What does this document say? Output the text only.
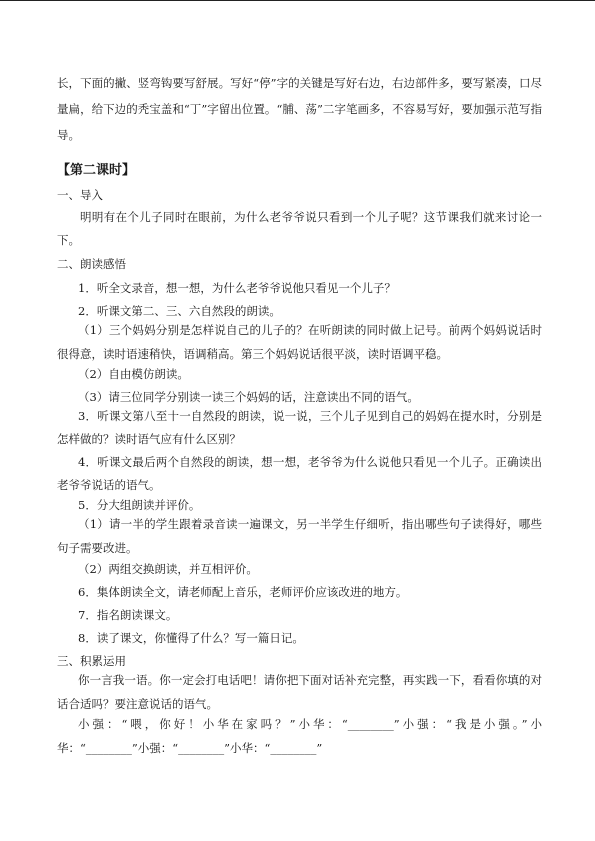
长，下面的撇、竖弯钩要写舒展。写好“停”字的关键是写好右边，右边部件多，要写紧凑，口尽量扁，给下边的秃宝盖和“丁”字留出位置。“脯、荡”二字笔画多，不容易写好，要加强示范写指导。

【第二课时】
一、导入

明明有在个儿子同时在眼前，为什么老爷爷说只看到一个儿子呢？这节课我们就来讨论一下。

二、朗读感悟
1．听全文录音，想一想，为什么老爷爷说他只看见一个儿子？
2．听课文第二、三、六自然段的朗读。

（1）三个妈妈分别是怎样说自己的儿子的？在听朗读的同时做上记号。前两个妈妈说话时很得意，读时语速稍快，语调稍高。第三个妈妈说话很平淡，读时语调平稳。

（2）自由模仿朗读。
（3）请三位同学分别读一读三个妈妈的话，注意读出不同的语气。

3．听课文第八至十一自然段的朗读，说一说，三个儿子见到自己的妈妈在提水时，分别是怎样做的？读时语气应有什么区别？

4．听课文最后两个自然段的朗读，想一想，老爷爷为什么说他只看见一个儿子。正确读出老爷爷说话的语气。

5．分大组朗读并评价。

（1）请一半的学生跟着录音读一遍课文，另一半学生仔细听，指出哪些句子读得好，哪些句子需要改进。

（2）两组交换朗读，并互相评价。
6．集体朗读全文，请老师配上音乐，老师评价应该改进的地方。
7．指名朗读课文。
8．读了课文，你懂得了什么？写一篇日记。
三、积累运用

你一言我一语。你一定会打电话吧！请你把下面对话补充完整，再实践一下，看看你填的对话合适吗？要注意说话的语气。

小强：“喂，你好！小华在家吗？”小华：“________”小强：“我是小强。”小华：“________”小强：“________”小华：“________”
